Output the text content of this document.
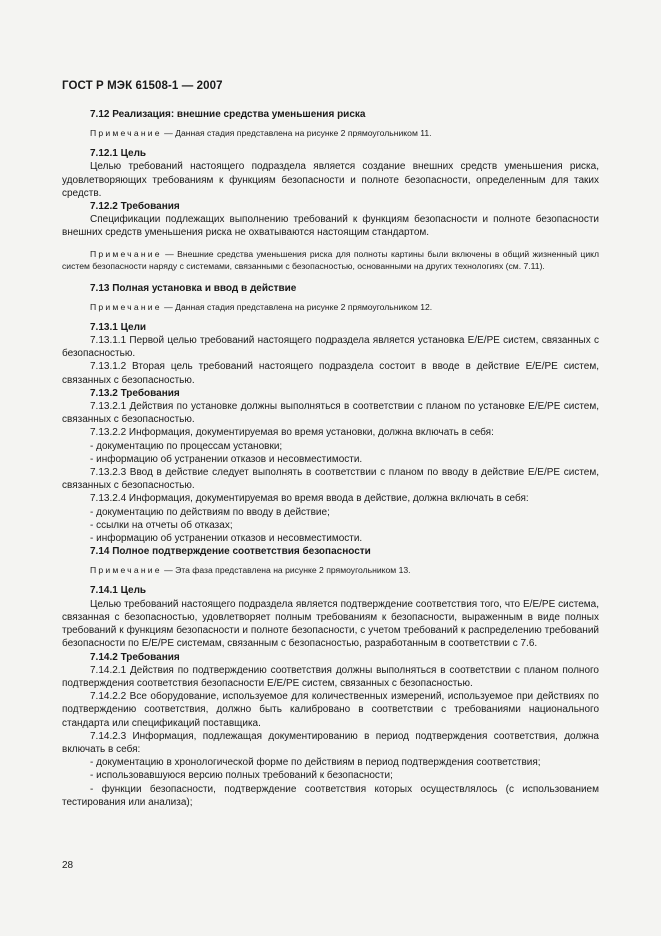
ГОСТ Р МЭК 61508-1 — 2007

7.12 Реализация: внешние средства уменьшения риска

Примечание — Данная стадия представлена на рисунке 2 прямоугольником 11.

7.12.1 Цель

Целью требований настоящего подраздела является создание внешних средств уменьшения риска, удовлетворяющих требованиям к функциям безопасности и полноте безопасности, определенным для таких средств.

7.12.2 Требования

Спецификации подлежащих выполнению требований к функциям безопасности и полноте безопасности внешних средств уменьшения риска не охватываются настоящим стандартом.

Примечание — Внешние средства уменьшения риска для полноты картины были включены в общий жизненный цикл систем безопасности наряду с системами, связанными с безопасностью, основанными на других технологиях (см. 7.11).

7.13 Полная установка и ввод в действие

Примечание — Данная стадия представлена на рисунке 2 прямоугольником 12.

7.13.1 Цели

7.13.1.1 Первой целью требований настоящего подраздела является установка Е/Е/РЕ систем, связанных с безопасностью.

7.13.1.2 Вторая цель требований настоящего подраздела состоит в вводе в действие Е/Е/РЕ систем, связанных с безопасностью.

7.13.2 Требования

7.13.2.1 Действия по установке должны выполняться в соответствии с планом по установке Е/Е/РЕ систем, связанных с безопасностью.

7.13.2.2 Информация, документируемая во время установки, должна включать в себя:

- документацию по процессам установки;

- информацию об устранении отказов и несовместимости.

7.13.2.3 Ввод в действие следует выполнять в соответствии с планом по вводу в действие Е/Е/РЕ систем, связанных с безопасностью.

7.13.2.4 Информация, документируемая во время ввода в действие, должна включать в себя:

- документацию по действиям по вводу в действие;

- ссылки на отчеты об отказах;

- информацию об устранении отказов и несовместимости.

7.14 Полное подтверждение соответствия безопасности

Примечание — Эта фаза представлена на рисунке 2 прямоугольником 13.

7.14.1 Цель

Целью требований настоящего подраздела является подтверждение соответствия того, что Е/Е/РЕ система, связанная с безопасностью, удовлетворяет полным требованиям к безопасности, выраженным в виде полных требований к функциям безопасности и полноте безопасности, с учетом требований к распределению требований безопасности по Е/Е/РЕ системам, связанным с безопасностью, разработанным в соответствии с 7.6.

7.14.2 Требования

7.14.2.1 Действия по подтверждению соответствия должны выполняться в соответствии с планом полного подтверждения соответствия безопасности Е/Е/РЕ систем, связанных с безопасностью.

7.14.2.2 Все оборудование, используемое для количественных измерений, используемое при действиях по подтверждению соответствия, должно быть калибровано в соответствии с требованиями национального стандарта или спецификаций поставщика.

7.14.2.3 Информация, подлежащая документированию в период подтверждения соответствия, должна включать в себя:

- документацию в хронологической форме по действиям в период подтверждения соответствия;

- использовавшуюся версию полных требований к безопасности;

- функции безопасности, подтверждение соответствия которых осуществлялось (с использованием тестирования или анализа);

28
